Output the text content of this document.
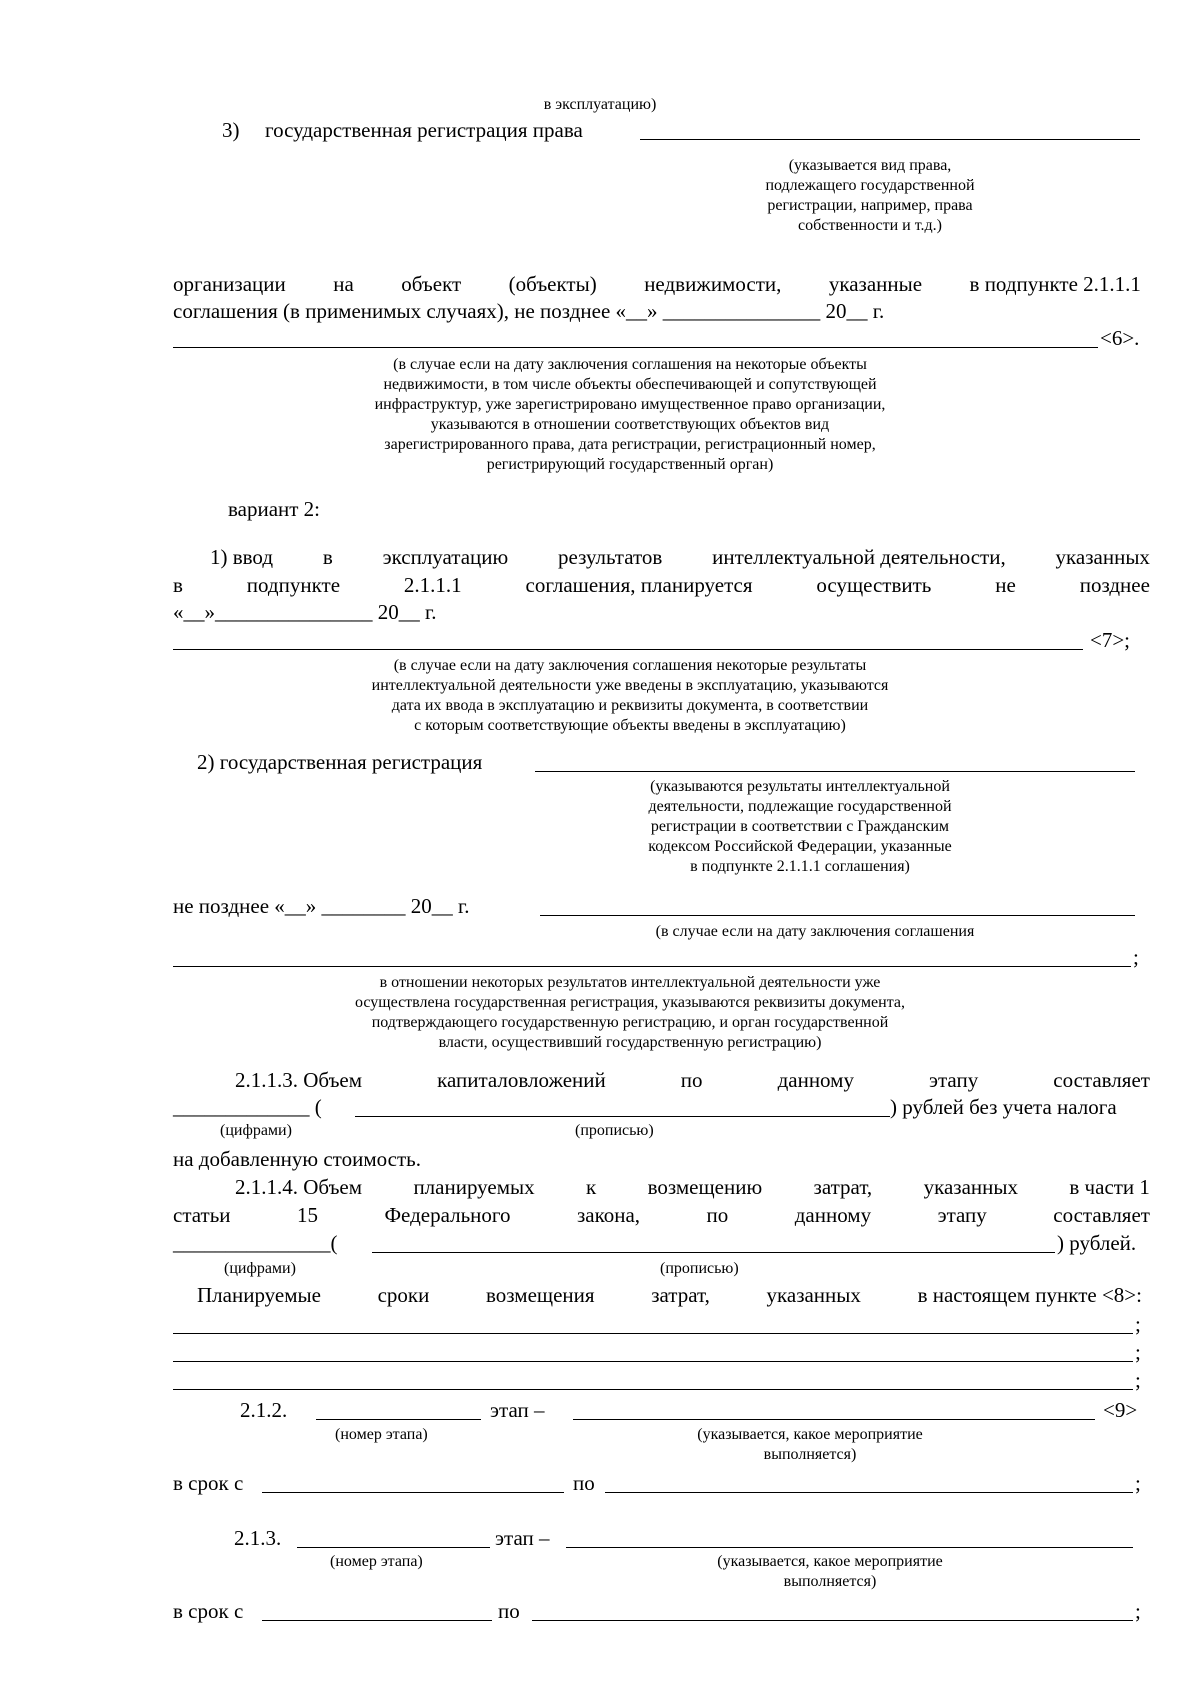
в эксплуатацию)
3) государственная регистрация права
(указывается вид права,
подлежащего государственной
регистрации, например, права
собственности и т.д.)
организации на объект (объекты) недвижимости, указанные в подпункте 2.1.1.1
соглашения (в применимых случаях), не позднее «__» _______________ 20__ г.
<6>.
(в случае если на дату заключения соглашения на некоторые объекты
недвижимости, в том числе объекты обеспечивающей и сопутствующей
инфраструктур, уже зарегистрировано имущественное право организации,
указываются в отношении соответствующих объектов вид
зарегистрированного права, дата регистрации, регистрационный номер,
регистрирующий государственный орган)
вариант 2:
1) ввод в эксплуатацию результатов интеллектуальной деятельности, указанных
в	подпункте	2.1.1.1	соглашения, планируется	осуществить	не	позднее
«__»_______________ 20__ г.
<7>;
(в случае если на дату заключения соглашения некоторые результаты
интеллектуальной деятельности уже введены в эксплуатацию, указываются
дата их ввода в эксплуатацию и реквизиты документа, в соответствии
с которым соответствующие объекты введены в эксплуатацию)
2) государственная регистрация
(указываются результаты интеллектуальной
деятельности, подлежащие государственной
регистрации в соответствии с Гражданским
кодексом Российской Федерации, указанные
в подпункте 2.1.1.1 соглашения)
не позднее «__» ________ 20__ г.
(в случае если на дату заключения соглашения
;
в отношении некоторых результатов интеллектуальной деятельности уже
осуществлена государственная регистрация, указываются реквизиты документа,
подтверждающего государственную регистрацию, и орган государственной
власти, осуществивший государственную регистрацию)
2.1.1.3. Объем	капиталовложений	по	данному	этапу	составляет
_____________ (	) рублей без учета налога
(цифрами)	(прописью)
на добавленную стоимость.
2.1.1.4. Объем планируемых к возмещению затрат, указанных в части 1
статьи	15	Федерального	закона,	по	данному	этапу	составляет
_______________(	) рублей.
(цифрами)	(прописью)
Планируемые	сроки	возмещения	затрат,	указанных	в настоящем пункте <8>:
;
;
;
2.1.2.	этап –	<9>
(номер этапа)	(указывается, какое мероприятие
выполняется)
в срок с	по	;
2.1.3.	этап –
(номер этапа)	(указывается, какое мероприятие
выполняется)
в срок с	по	;
